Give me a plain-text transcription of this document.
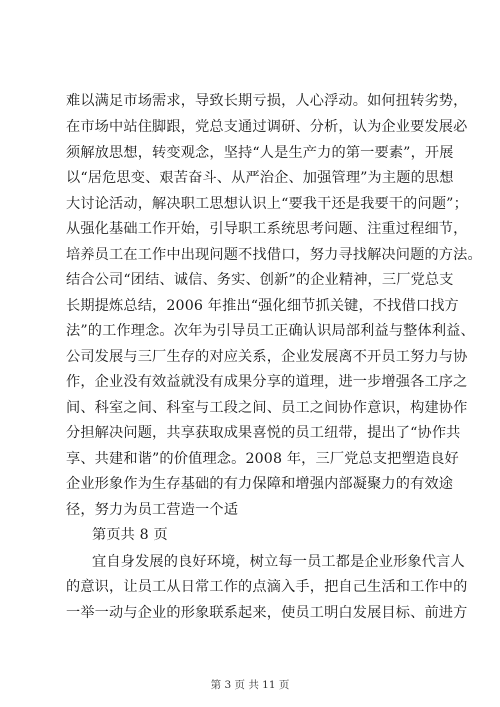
难以满足市场需求，导致长期亏损，人心浮动。如何扭转劣势，
在市场中站住脚跟，党总支通过调研、分析，认为企业要发展必
须解放思想，转变观念，坚持“人是生产力的第一要素”，开展
以“居危思变、艰苦奋斗、从严治企、加强管理”为主题的思想
大讨论活动，解决职工思想认识上“要我干还是我要干的问题”；
从强化基础工作开始，引导职工系统思考问题、注重过程细节，
培养员工在工作中出现问题不找借口，努力寻找解决问题的方法。
结合公司“团结、诚信、务实、创新”的企业精神，三厂党总支
长期提炼总结，2006 年推出“强化细节抓关键，不找借口找方
法”的工作理念。次年为引导员工正确认识局部利益与整体利益、
公司发展与三厂生存的对应关系，企业发展离不开员工努力与协
作，企业没有效益就没有成果分享的道理，进一步增强各工序之
间、科室之间、科室与工段之间、员工之间协作意识，构建协作
分担解决问题，共享获取成果喜悦的员工纽带，提出了“协作共
享、共建和谐”的价值理念。2008 年，三厂党总支把塑造良好
企业形象作为生存基础的有力保障和增强内部凝聚力的有效途
径，努力为员工营造一个适
第页共 8 页
宜自身发展的良好环境，树立每一员工都是企业形象代言人
的意识，让员工从日常工作的点滴入手，把自己生活和工作中的
一举一动与企业的形象联系起来，使员工明白发展目标、前进方
第 3 页 共 11 页
